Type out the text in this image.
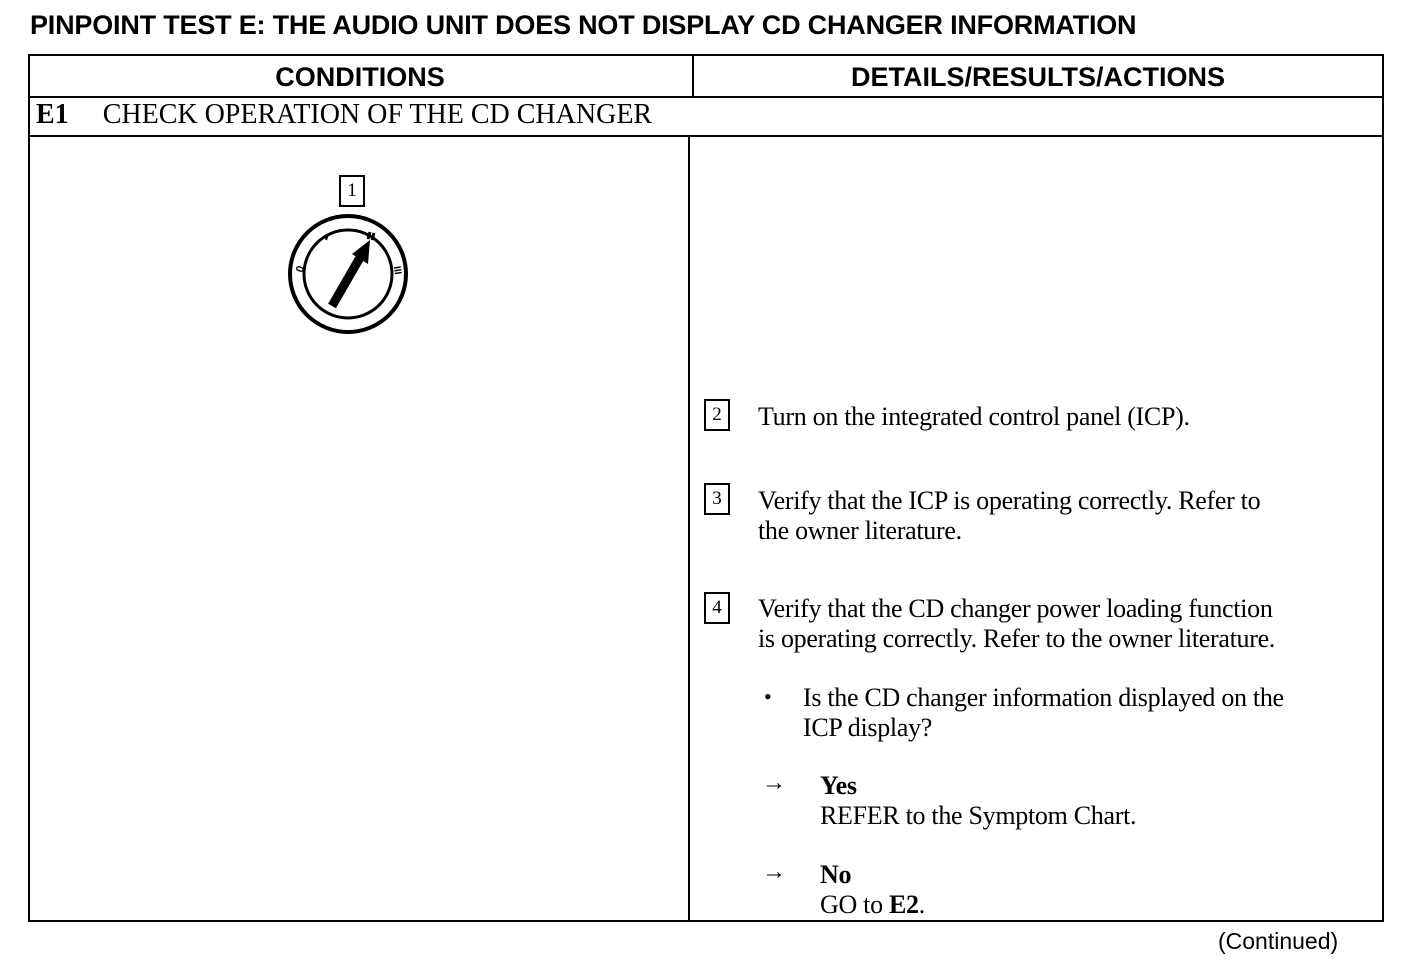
PINPOINT TEST E: THE AUDIO UNIT DOES NOT DISPLAY CD CHANGER INFORMATION
CONDITIONS	DETAILS/RESULTS/ACTIONS
E1 CHECK OPERATION OF THE CD CHANGER
1
0	III
2	Turn on the integrated control panel (ICP).
3	Verify that the ICP is operating correctly. Refer to
the owner literature.
4	Verify that the CD changer power loading function
is operating correctly. Refer to the owner literature.
• Is the CD changer information displayed on the
ICP display?
→ Yes
REFER to the Symptom Chart.
→ No
GO to E2.
(Continued)
